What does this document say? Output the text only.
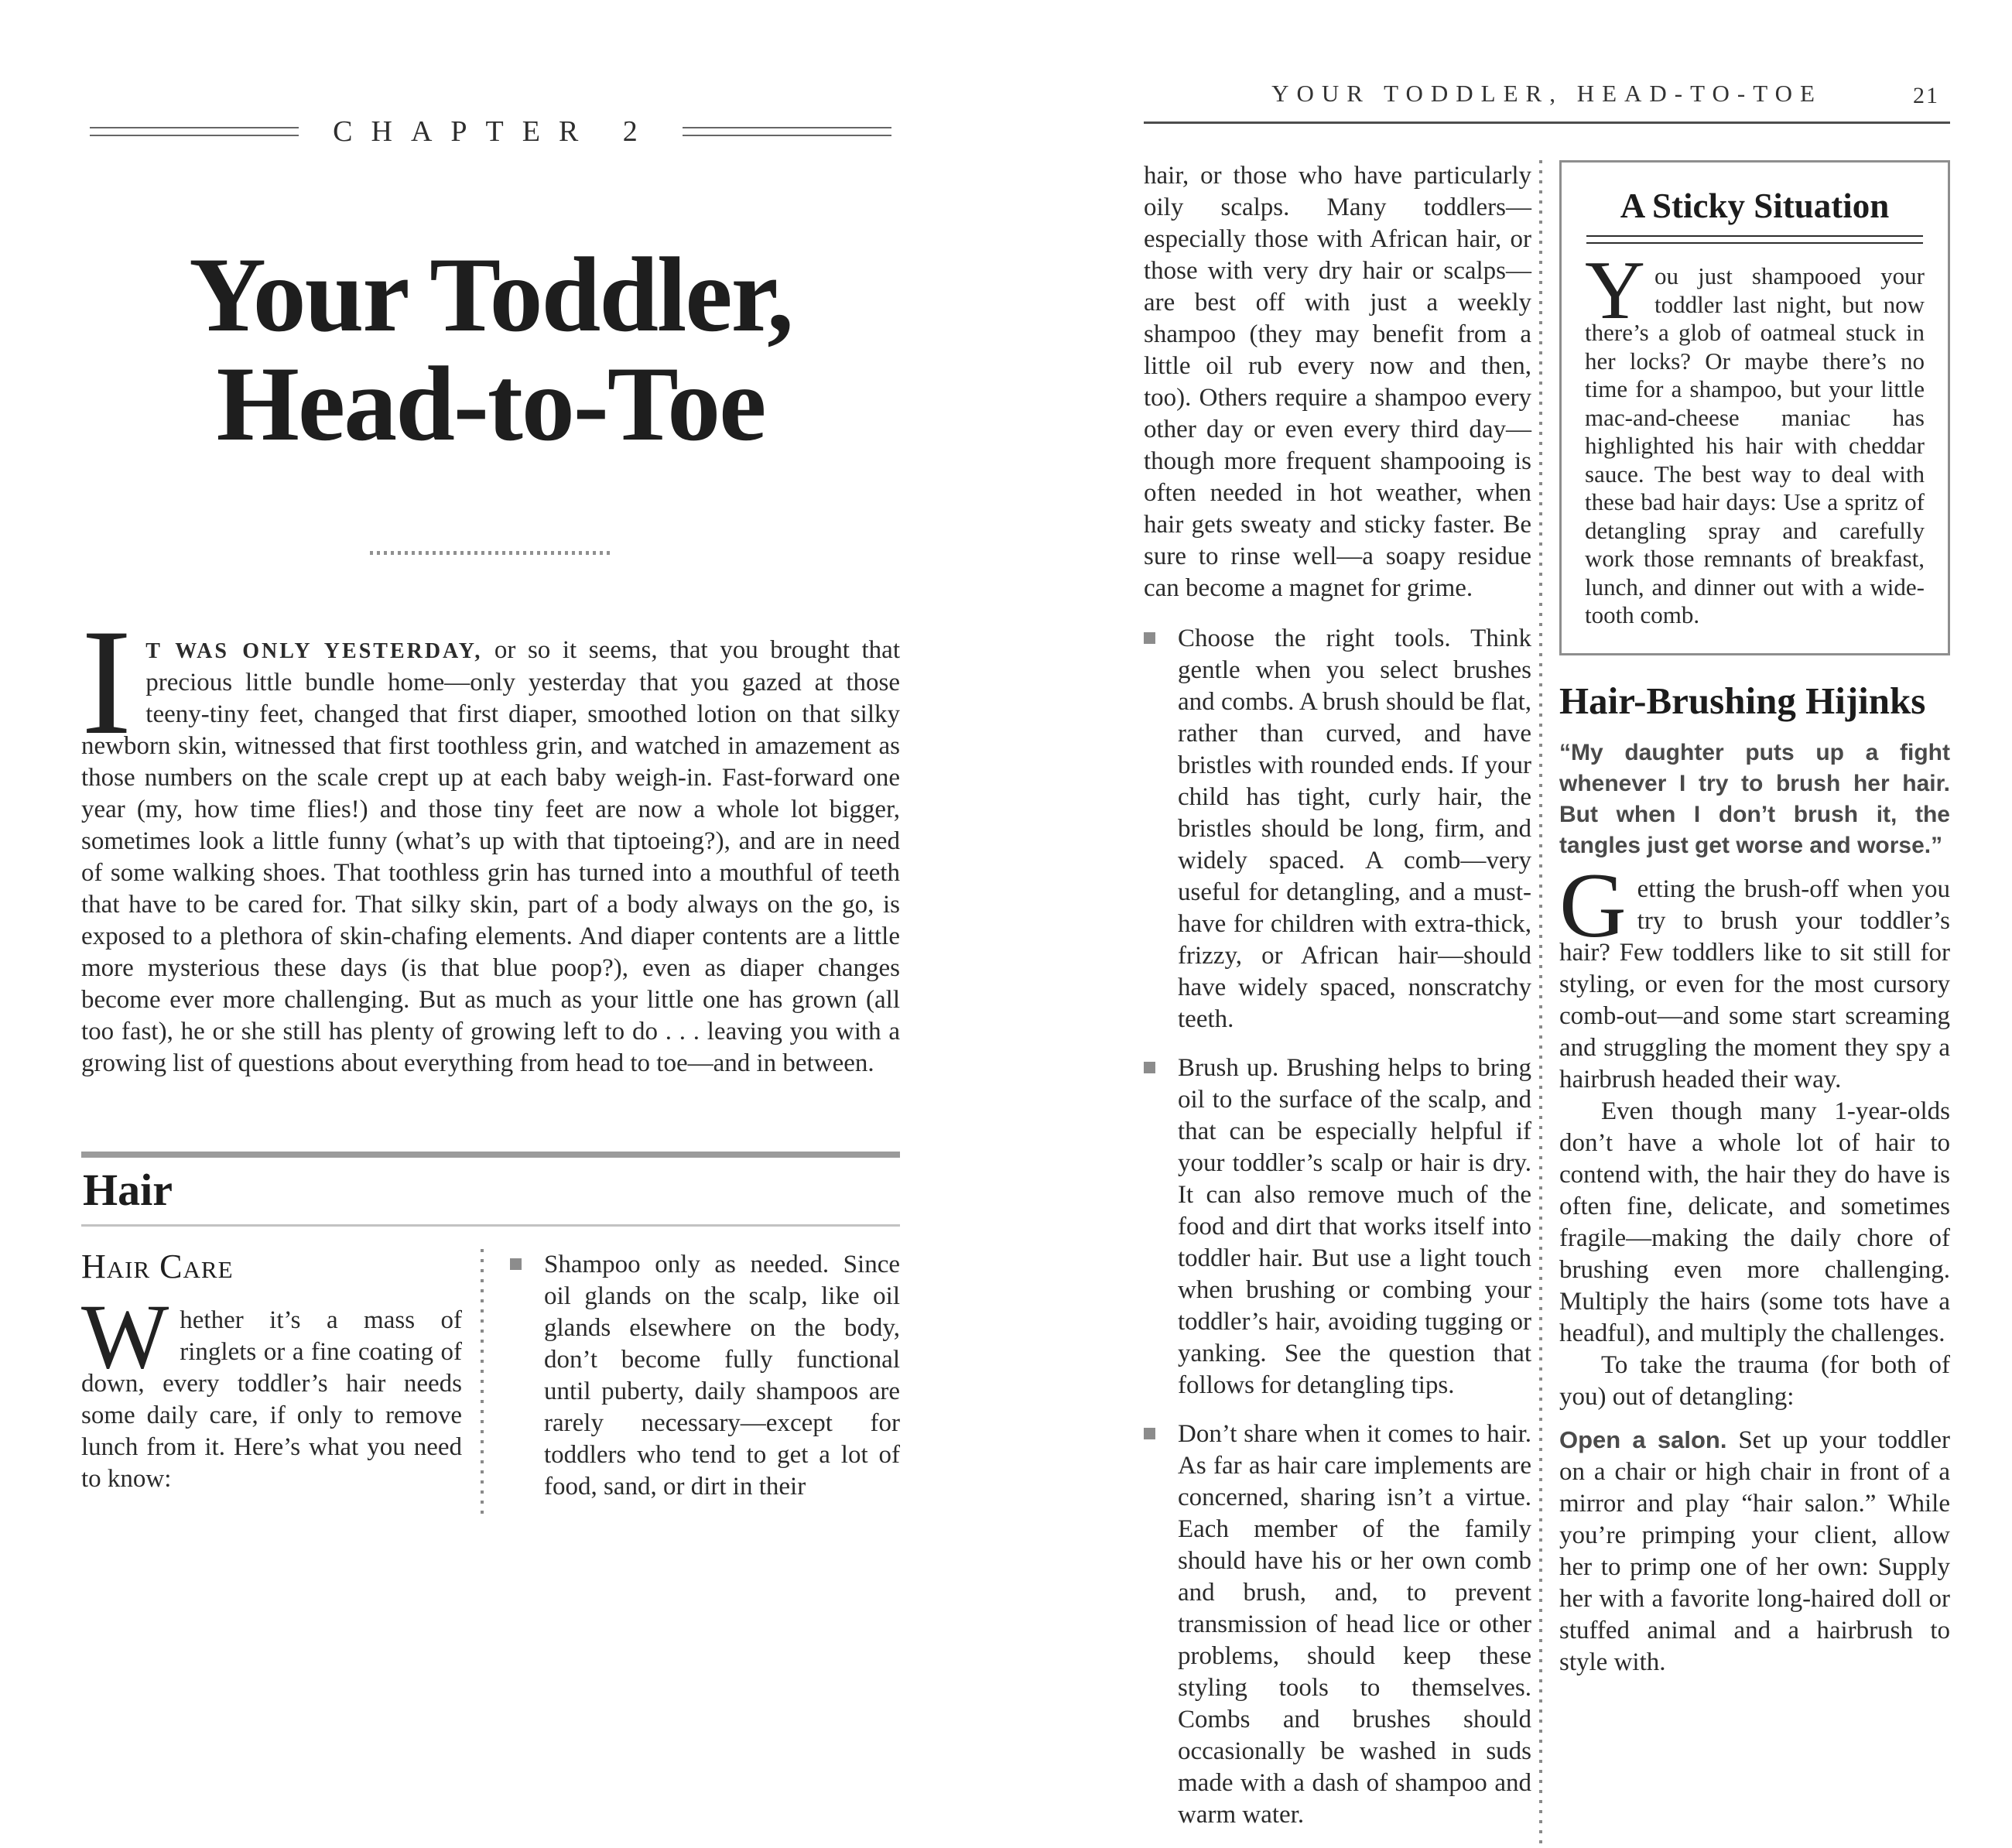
CHAPTER 2
Your Toddler,
Head-to-Toe

I T WAS ONLY YESTERDAY, or so it seems, that you brought that precious little bundle home—only yesterday that you gazed at those teeny-tiny feet, changed that first diaper, smoothed lotion on that silky newborn skin, witnessed that first toothless grin, and watched in amazement as those numbers on the scale crept up at each baby weigh-in. Fast-forward one year (my, how time flies!) and those tiny feet are now a whole lot bigger, sometimes look a little funny (what’s up with that tiptoeing?), and are in need of some walking shoes. That toothless grin has turned into a mouthful of teeth that have to be cared for. That silky skin, part of a body always on the go, is exposed to a plethora of skin-chafing elements. And diaper contents are a little more mysterious these days (is that blue poop?), even as diaper changes become ever more challenging. But as much as your little one has grown (all too fast), he or she still has plenty of growing left to do . . . leaving you with a growing list of questions about everything from head to toe—and in between.

Hair
Hair Care

Whether it’s a mass of ringlets or a fine coating of down, every toddler’s hair needs some daily care, if only to remove lunch from it. Here’s what you need to know:

Shampoo only as needed. Since oil glands on the scalp, like oil glands elsewhere on the body, don’t become fully functional until puberty, daily shampoos are rarely necessary—except for toddlers who tend to get a lot of food, sand, or dirt in their

YOUR TODDLER, HEAD-TO-TOE	21

hair, or those who have particularly oily scalps. Many toddlers—especially those with African hair, or those with very dry hair or scalps—are best off with just a weekly shampoo (they may benefit from a little oil rub every now and then, too). Others require a shampoo every other day or even every third day—though more frequent shampooing is often needed in hot weather, when hair gets sweaty and sticky faster. Be sure to rinse well—a soapy residue can become a magnet for grime.

Choose the right tools. Think gentle when you select brushes and combs. A brush should be flat, rather than curved, and have bristles with rounded ends. If your child has tight, curly hair, the bristles should be long, firm, and widely spaced. A comb—very useful for detangling, and a must-have for children with extra-thick, frizzy, or African hair—should have widely spaced, nonscratchy teeth.

Brush up. Brushing helps to bring oil to the surface of the scalp, and that can be especially helpful if your toddler’s scalp or hair is dry. It can also remove much of the food and dirt that works itself into toddler hair. But use a light touch when brushing or combing your toddler’s hair, avoiding tugging or yanking. See the question that follows for detangling tips.

Don’t share when it comes to hair. As far as hair care implements are concerned, sharing isn’t a virtue. Each member of the family should have his or her own comb and brush, and, to prevent transmission of head lice or other problems, should keep these styling tools to themselves. Combs and brushes should occasionally be washed in suds made with a dash of shampoo and warm water.

A Sticky Situation

You just shampooed your toddler last night, but now there’s a glob of oatmeal stuck in her locks? Or maybe there’s no time for a shampoo, but your little mac-and-cheese maniac has highlighted his hair with cheddar sauce. The best way to deal with these bad hair days: Use a spritz of detangling spray and carefully work those remnants of breakfast, lunch, and dinner out with a wide-tooth comb.

Hair-Brushing Hijinks

“My daughter puts up a fight whenever I try to brush her hair. But when I don’t brush it, the tangles just get worse and worse.”

Getting the brush-off when you try to brush your toddler’s hair? Few toddlers like to sit still for styling, or even for the most cursory comb-out—and some start screaming and struggling the moment they spy a hairbrush headed their way.

Even though many 1-year-olds don’t have a whole lot of hair to contend with, the hair they do have is often fine, delicate, and sometimes fragile—making the daily chore of brushing even more challenging. Multiply the hairs (some tots have a headful), and multiply the challenges.

To take the trauma (for both of you) out of detangling:

Open a salon. Set up your toddler on a chair or high chair in front of a mirror and play “hair salon.” While you’re primping your client, allow her to primp one of her own: Supply her with a favorite long-haired doll or stuffed animal and a hairbrush to style with.
